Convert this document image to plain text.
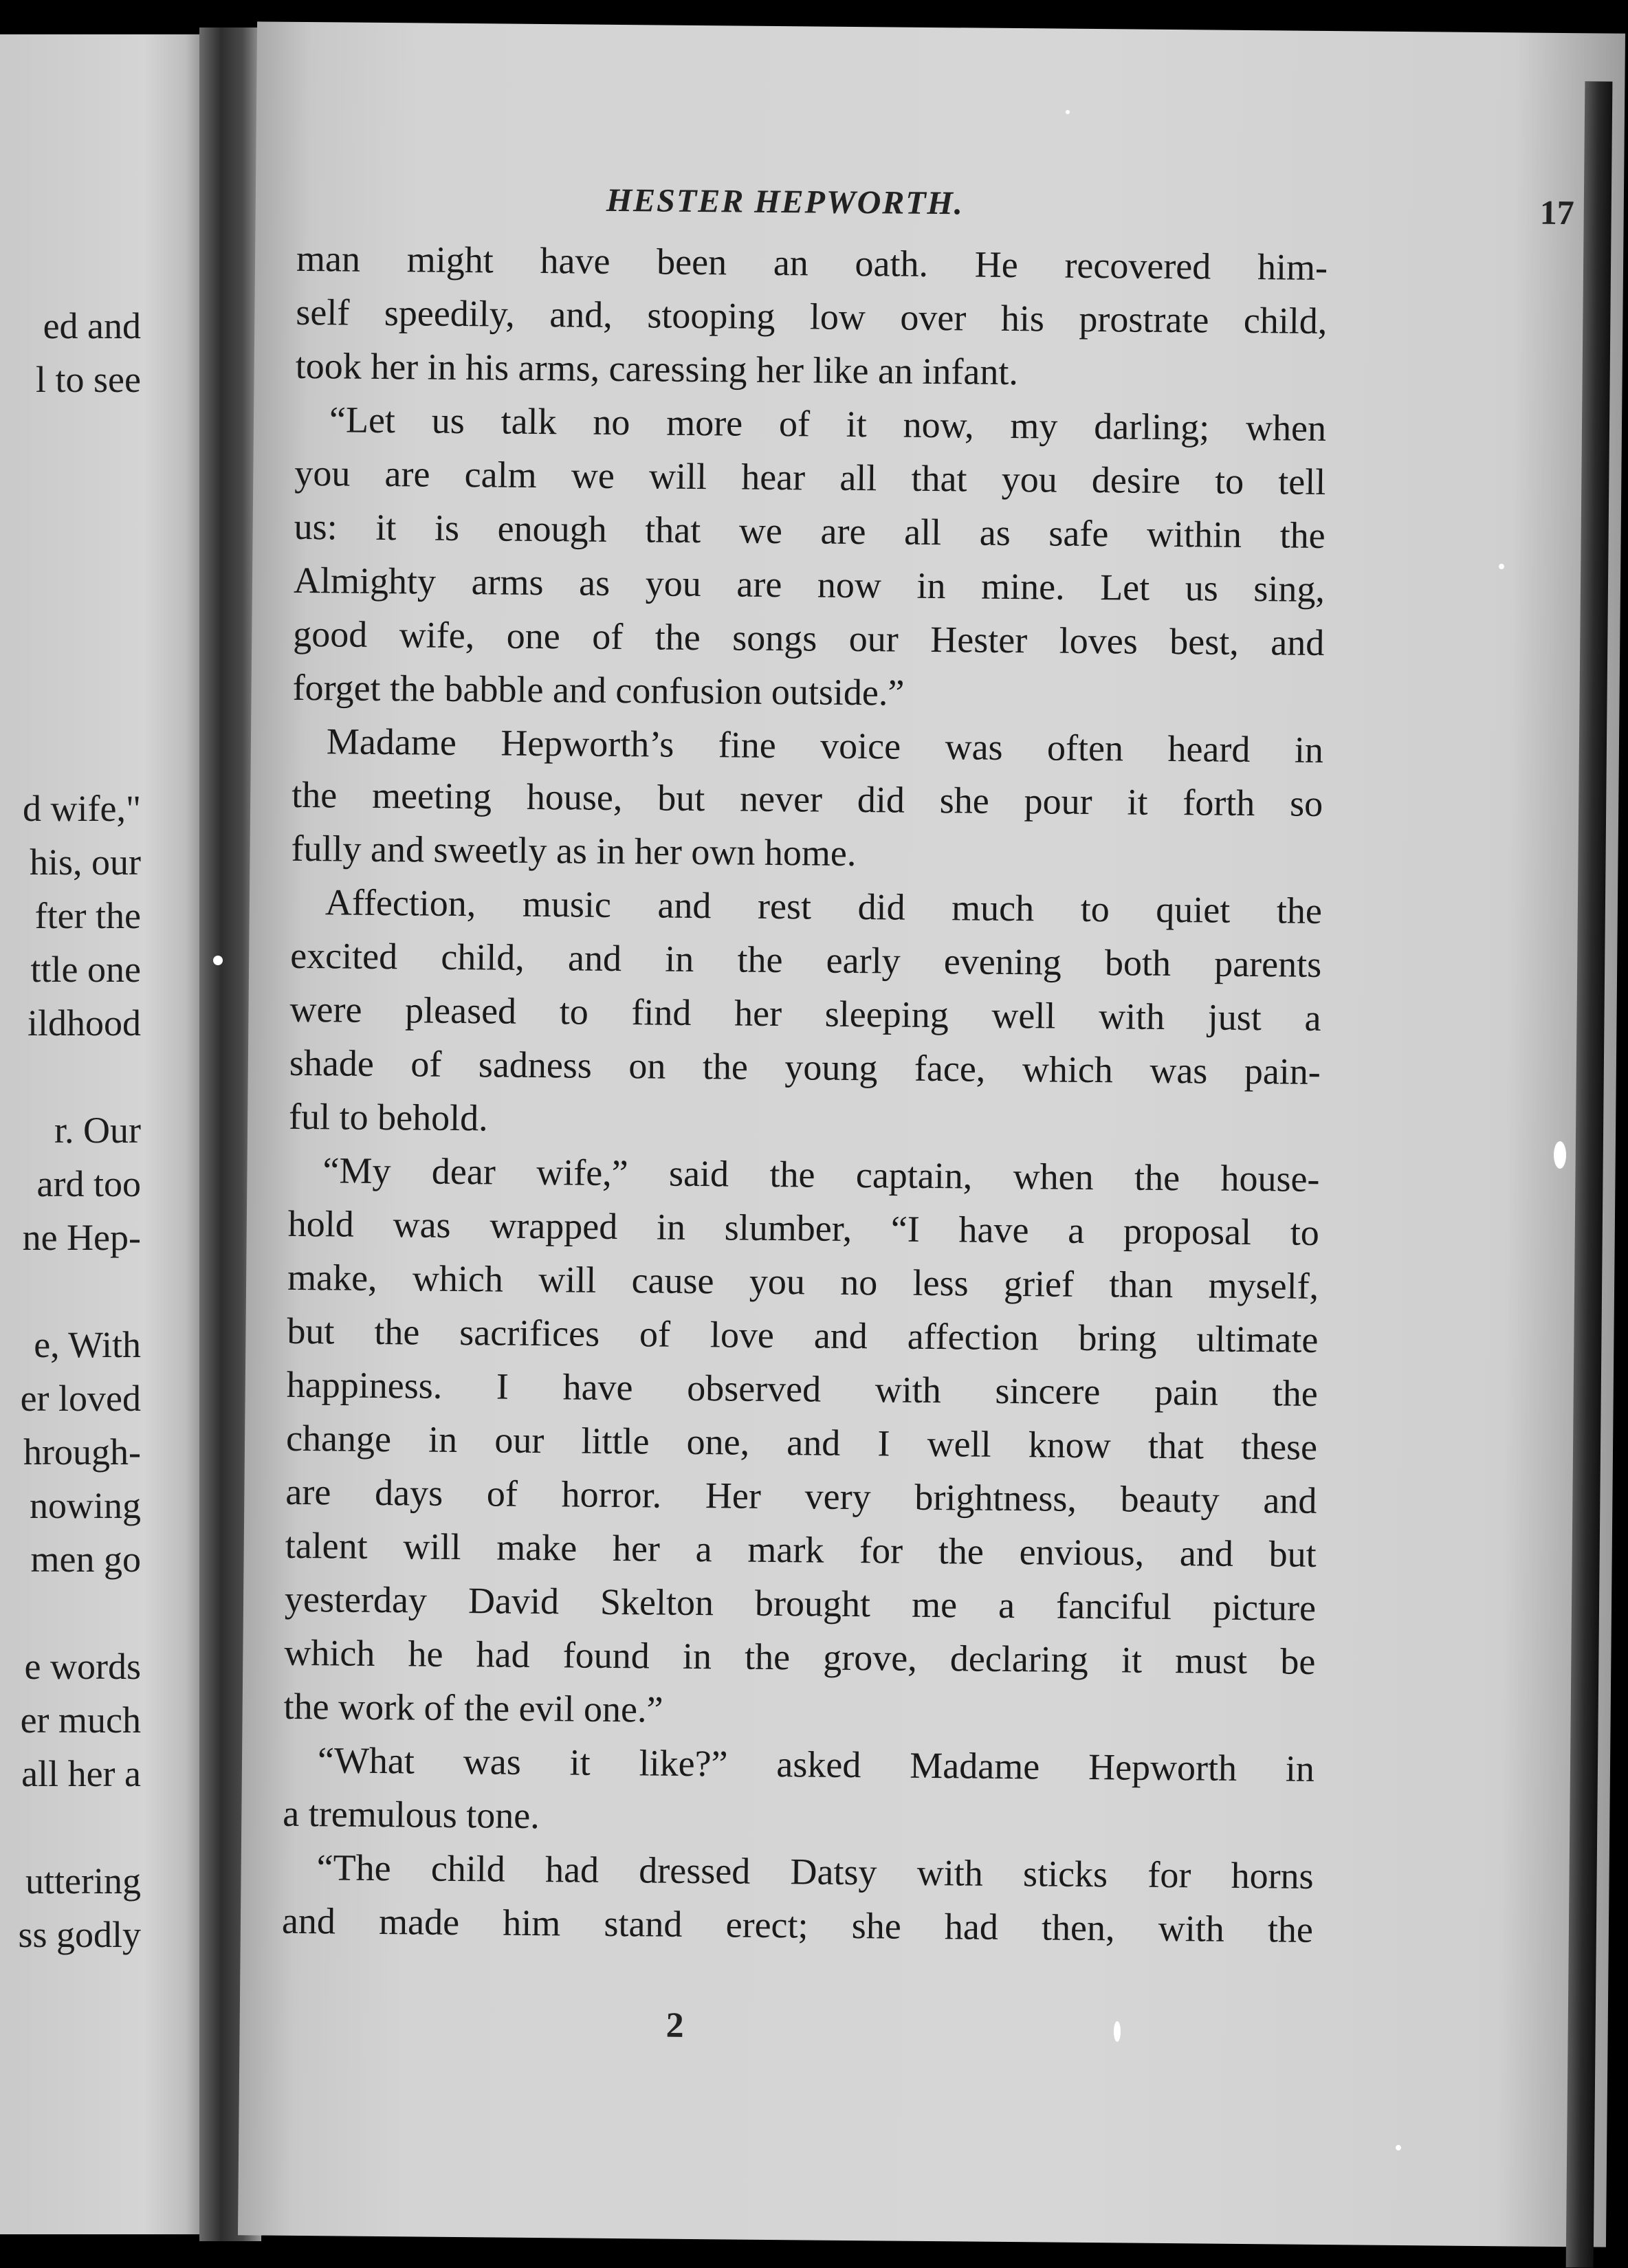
ed and
l to see
d wife,"
his, our
fter the
ttle one
ildhood
r. Our
ard too
ne Hep-
e, With
er loved
hrough-
nowing
men go
e words
er much
all her a
uttering
ss godly
HESTER HEPWORTH.	17
man might have been an oath. He recovered him-
self speedily, and, stooping low over his prostrate child,
took her in his arms, caressing her like an infant.
“Let us talk no more of it now, my darling; when
you are calm we will hear all that you desire to tell
us: it is enough that we are all as safe within the
Almighty arms as you are now in mine. Let us sing,
good wife, one of the songs our Hester loves best, and
forget the babble and confusion outside.”
Madame Hepworth’s fine voice was often heard in
the meeting house, but never did she pour it forth so
fully and sweetly as in her own home.
Affection, music and rest did much to quiet the
excited child, and in the early evening both parents
were pleased to find her sleeping well with just a
shade of sadness on the young face, which was pain-
ful to behold.
“My dear wife,” said the captain, when the house-
hold was wrapped in slumber, “I have a proposal to
make, which will cause you no less grief than myself,
but the sacrifices of love and affection bring ultimate
happiness. I have observed with sincere pain the
change in our little one, and I well know that these
are days of horror. Her very brightness, beauty and
talent will make her a mark for the envious, and but
yesterday David Skelton brought me a fanciful picture
which he had found in the grove, declaring it must be
the work of the evil one.”
“What was it like?” asked Madame Hepworth in
a tremulous tone.
“The child had dressed Datsy with sticks for horns
and made him stand erect; she had then, with the
2
